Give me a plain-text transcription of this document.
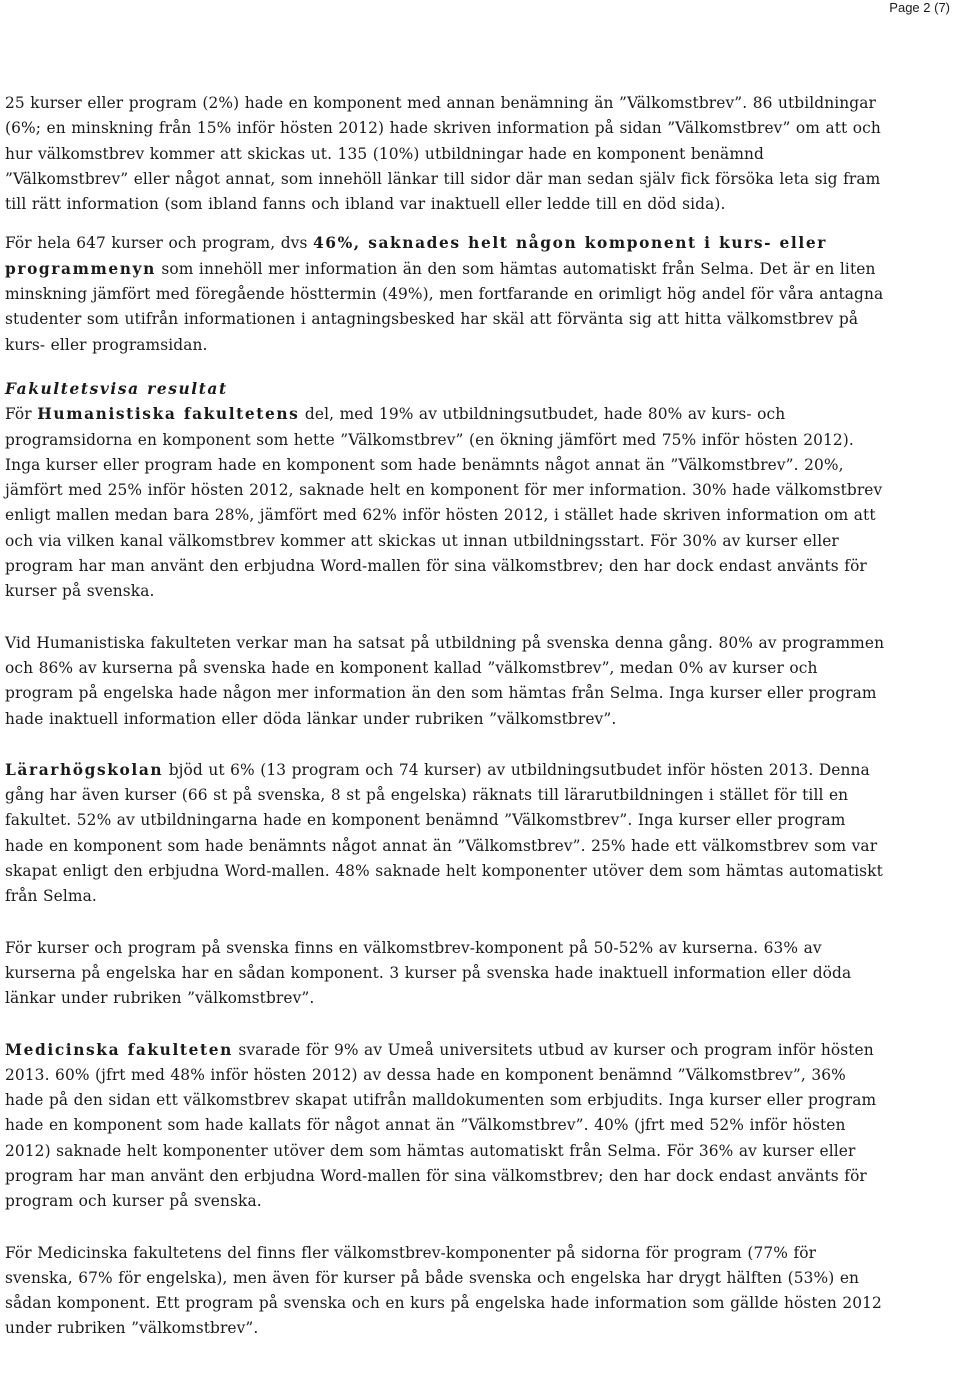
Page 2 (7)

25 kurser eller program (2%) hade en komponent med annan benämning än ”Välkomstbrev”. 86 utbildningar (6%; en minskning från 15% inför hösten 2012) hade skriven information på sidan ”Välkomstbrev” om att och hur välkomstbrev kommer att skickas ut. 135 (10%) utbildningar hade en komponent benämnd ”Välkomstbrev” eller något annat, som innehöll länkar till sidor där man sedan själv fick försöka leta sig fram till rätt information (som ibland fanns och ibland var inaktuell eller ledde till en död sida).

För hela 647 kurser och program, dvs 46%, saknades helt någon komponent i kurs- eller programmenyn som innehöll mer information än den som hämtas automatiskt från Selma. Det är en liten minskning jämfört med föregående hösttermin (49%), men fortfarande en orimligt hög andel för våra antagna studenter som utifrån informationen i antagningsbesked har skäl att förvänta sig att hitta välkomstbrev på kurs- eller programsidan.

Fakultetsvisa resultat
För Humanistiska fakultetens del, med 19% av utbildningsutbudet, hade 80% av kurs- och programsidorna en komponent som hette ”Välkomstbrev” (en ökning jämfört med 75% inför hösten 2012). Inga kurser eller program hade en komponent som hade benämnts något annat än ”Välkomstbrev”. 20%, jämfört med 25% inför hösten 2012, saknade helt en komponent för mer information. 30% hade välkomstbrev enligt mallen medan bara 28%, jämfört med 62% inför hösten 2012, i stället hade skriven information om att och via vilken kanal välkomstbrev kommer att skickas ut innan utbildningsstart. För 30% av kurser eller program har man använt den erbjudna Word-mallen för sina välkomstbrev; den har dock endast använts för kurser på svenska.

Vid Humanistiska fakulteten verkar man ha satsat på utbildning på svenska denna gång. 80% av programmen och 86% av kurserna på svenska hade en komponent kallad ”välkomstbrev”, medan 0% av kurser och program på engelska hade någon mer information än den som hämtas från Selma. Inga kurser eller program hade inaktuell information eller döda länkar under rubriken ”välkomstbrev”.

Lärarhögskolan bjöd ut 6% (13 program och 74 kurser) av utbildningsutbudet inför hösten 2013. Denna gång har även kurser (66 st på svenska, 8 st på engelska) räknats till lärarutbildningen i stället för till en fakultet. 52% av utbildningarna hade en komponent benämnd ”Välkomstbrev”. Inga kurser eller program hade en komponent som hade benämnts något annat än ”Välkomstbrev”. 25% hade ett välkomstbrev som var skapat enligt den erbjudna Word-mallen. 48% saknade helt komponenter utöver dem som hämtas automatiskt från Selma.

För kurser och program på svenska finns en välkomstbrev-komponent på 50-52% av kurserna. 63% av kurserna på engelska har en sådan komponent. 3 kurser på svenska hade inaktuell information eller döda länkar under rubriken ”välkomstbrev”.

Medicinska fakulteten svarade för 9% av Umeå universitets utbud av kurser och program inför hösten 2013. 60% (jfrt med 48% inför hösten 2012) av dessa hade en komponent benämnd ”Välkomstbrev”, 36% hade på den sidan ett välkomstbrev skapat utifrån malldokumenten som erbjudits. Inga kurser eller program hade en komponent som hade kallats för något annat än ”Välkomstbrev”. 40% (jfrt med 52% inför hösten 2012) saknade helt komponenter utöver dem som hämtas automatiskt från Selma. För 36% av kurser eller program har man använt den erbjudna Word-mallen för sina välkomstbrev; den har dock endast använts för program och kurser på svenska.

För Medicinska fakultetens del finns fler välkomstbrev-komponenter på sidorna för program (77% för svenska, 67% för engelska), men även för kurser på både svenska och engelska har drygt hälften (53%) en sådan komponent. Ett program på svenska och en kurs på engelska hade information som gällde hösten 2012 under rubriken ”välkomstbrev”.
